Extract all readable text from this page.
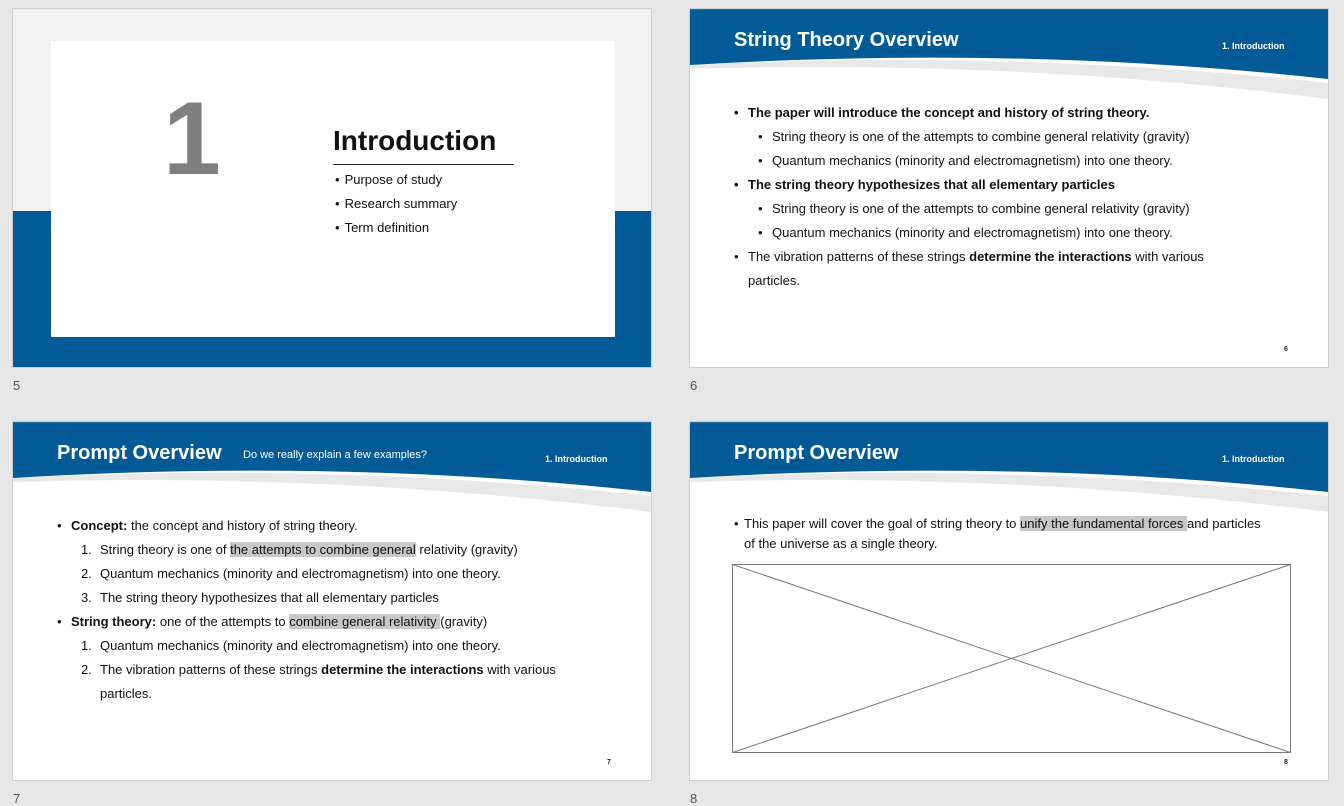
1	Introduction
• Purpose of study
• Research summary
• Term definition
5
String Theory Overview	1. Introduction
• The paper will introduce the concept and history of string theory.
• String theory is one of the attempts to combine general relativity (gravity)
• Quantum mechanics (minority and electromagnetism) into one theory.
• The string theory hypothesizes that all elementary particles
• String theory is one of the attempts to combine general relativity (gravity)
• Quantum mechanics (minority and electromagnetism) into one theory.
• The vibration patterns of these strings determine the interactions with various
particles.
6
6
Prompt Overview Do we really explain a few examples?	1. Introduction
• Concept: the concept and history of string theory.
1. String theory is one of the attempts to combine general relativity (gravity)
2. Quantum mechanics (minority and electromagnetism) into one theory.
3. The string theory hypothesizes that all elementary particles
• String theory: one of the attempts to combine general relativity (gravity)
1. Quantum mechanics (minority and electromagnetism) into one theory.
2. The vibration patterns of these strings determine the interactions with various
particles.
7
7
Prompt Overview	1. Introduction
• This paper will cover the goal of string theory to unify the fundamental forces and particles
of the universe as a single theory.
8
8
